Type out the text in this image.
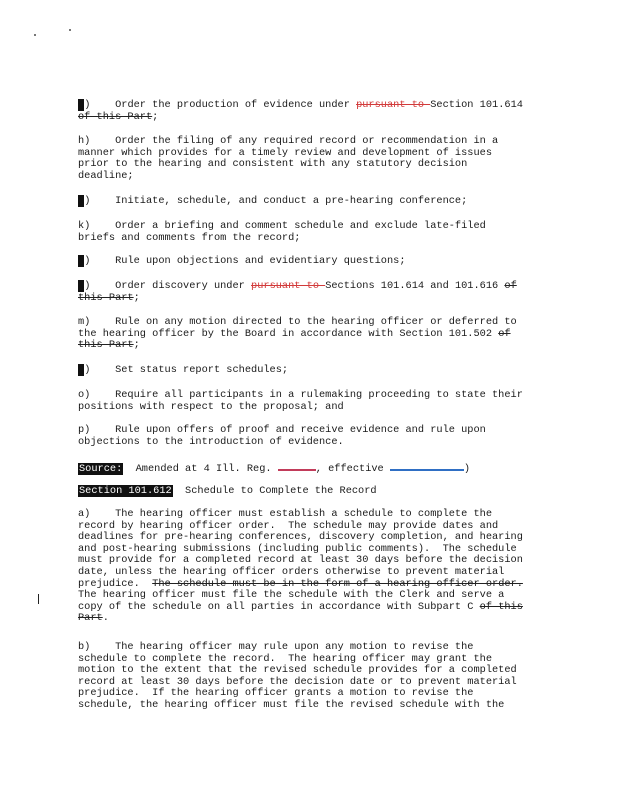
g)    Order the production of evidence under pursuant to Section 101.614
of this Part;
h)    Order the filing of any required record or recommendation in a
manner which provides for a timely review and development of issues
prior to the hearing and consistent with any statutory decision
deadline;
i)    Initiate, schedule, and conduct a pre-hearing conference;
k)    Order a briefing and comment schedule and exclude late-filed
briefs and comments from the record;
k)    Rule upon objections and evidentiary questions;
l)    Order discovery under pursuant to Sections 101.614 and 101.616 of
this Part;
m)    Rule on any motion directed to the hearing officer or deferred to
the hearing officer by the Board in accordance with Section 101.502 of
this Part;
n)    Set status report schedules;
o)    Require all participants in a rulemaking proceeding to state their
positions with respect to the proposal; and
p)    Rule upon offers of proof and receive evidence and rule upon
objections to the introduction of evidence.
Source:  Amended at 4 Ill. Reg.	, effective	)
Section 101.612  Schedule to Complete the Record
a)    The hearing officer must establish a schedule to complete the
record by hearing officer order.  The schedule may provide dates and
deadlines for pre-hearing conferences, discovery completion, and hearing
and post-hearing submissions (including public comments).  The schedule
must provide for a completed record at least 30 days before the decision
date, unless the hearing officer orders otherwise to prevent material
prejudice.  The schedule must be in the form of a hearing officer order.
The hearing officer must file the schedule with the Clerk and serve a
copy of the schedule on all parties in accordance with Subpart C of this
Part.
b)    The hearing officer may rule upon any motion to revise the
schedule to complete the record.  The hearing officer may grant the
motion to the extent that the revised schedule provides for a completed
record at least 30 days before the decision date or to prevent material
prejudice.  If the hearing officer grants a motion to revise the
schedule, the hearing officer must file the revised schedule with the
